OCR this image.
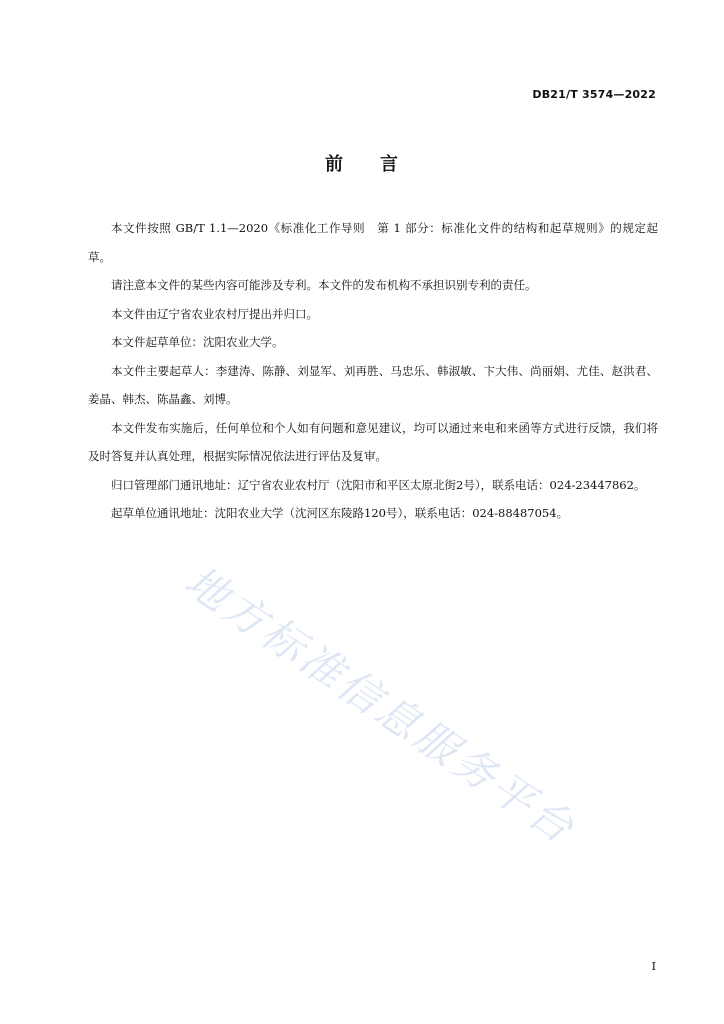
DB21/T 3574—2022
前 言

本文件按照 GB/T 1.1—2020《标准化工作导则　第 1 部分：标准化文件的结构和起草规则》的规定起草。

请注意本文件的某些内容可能涉及专利。本文件的发布机构不承担识别专利的责任。

本文件由辽宁省农业农村厅提出并归口。

本文件起草单位：沈阳农业大学。

本文件主要起草人：李建涛、陈静、刘显军、刘再胜、马忠乐、韩淑敏、卞大伟、尚丽娟、尤佳、赵洪君、姜晶、韩杰、陈晶鑫、刘博。

本文件发布实施后，任何单位和个人如有问题和意见建议，均可以通过来电和来函等方式进行反馈，我们将及时答复并认真处理，根据实际情况依法进行评估及复审。

归口管理部门通讯地址：辽宁省农业农村厅（沈阳市和平区太原北街2号），联系电话：024-23447862。

起草单位通讯地址：沈阳农业大学（沈河区东陵路120号），联系电话：024-88487054。

地方标准信息服务平台
I
